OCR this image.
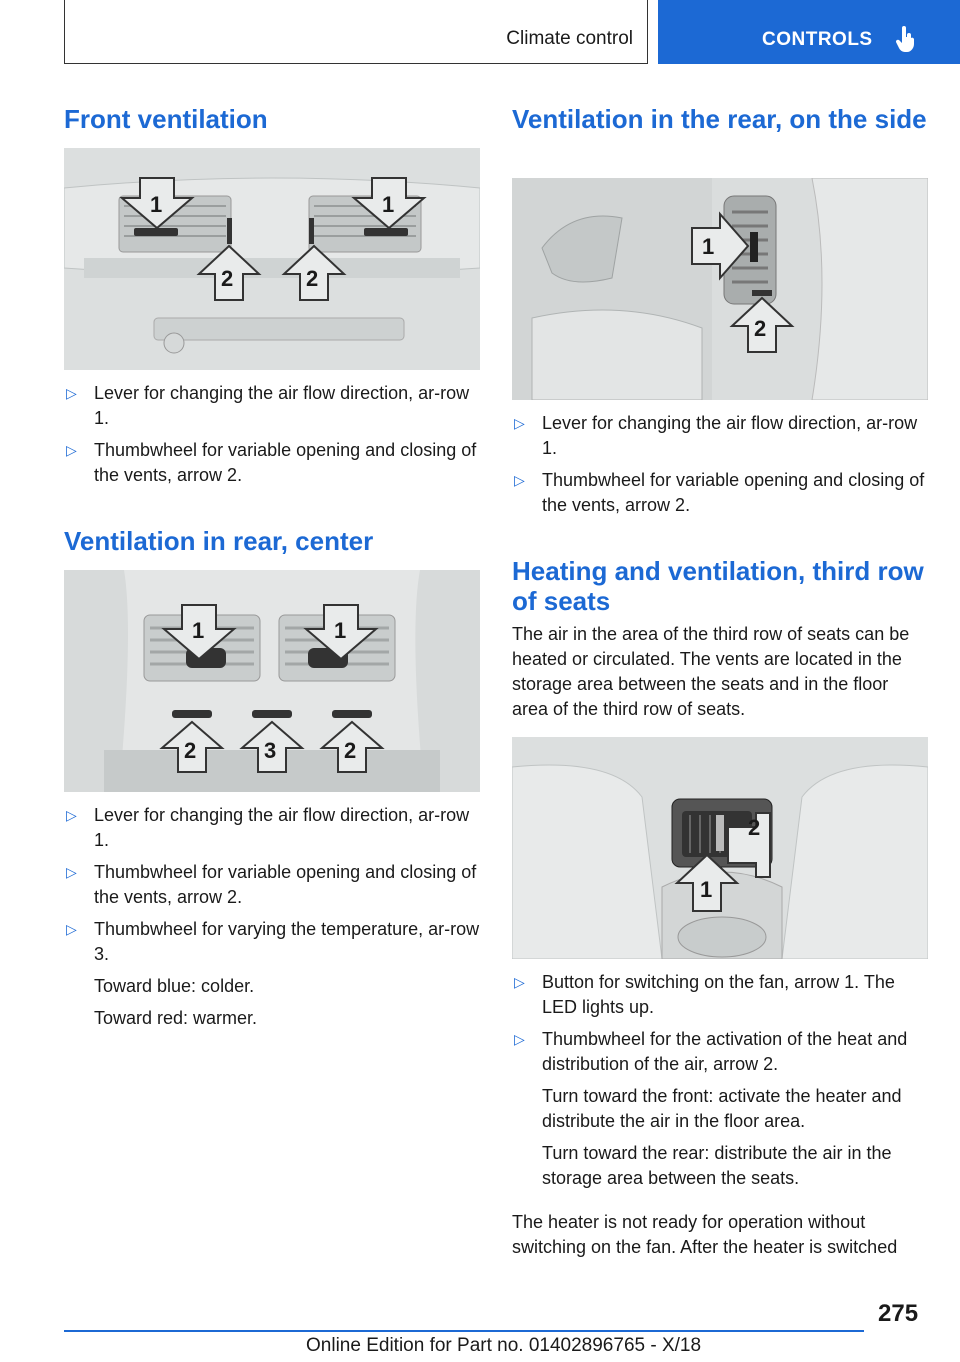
Climate control	CONTROLS
Front ventilation
1	1
2	2
▷ Lever for changing the air flow direction, ar-row 1.
▷ Thumbwheel for variable opening and closing of the vents, arrow 2.
Ventilation in rear, center
1	1
2	3	2
▷ Lever for changing the air flow direction, ar-row 1.
▷ Thumbwheel for variable opening and closing of the vents, arrow 2.
▷ Thumbwheel for varying the temperature, ar-row 3.
Toward blue: colder.
Toward red: warmer.
Ventilation in the rear, on the side
1
2
▷ Lever for changing the air flow direction, ar-row 1.
▷ Thumbwheel for variable opening and closing of the vents, arrow 2.
Heating and ventilation, third row of seats

The air in the area of the third row of seats can be heated or circulated. The vents are located in the storage area between the seats and in the floor area of the third row of seats.

2
1
▷ Button for switching on the fan, arrow 1. The LED lights up.
▷ Thumbwheel for the activation of the heat and distribution of the air, arrow 2.
Turn toward the front: activate the heater and distribute the air in the floor area.
Turn toward the rear: distribute the air in the storage area between the seats.

The heater is not ready for operation without switching on the fan. After the heater is switched

275
Online Edition for Part no. 01402896765 - X/18
